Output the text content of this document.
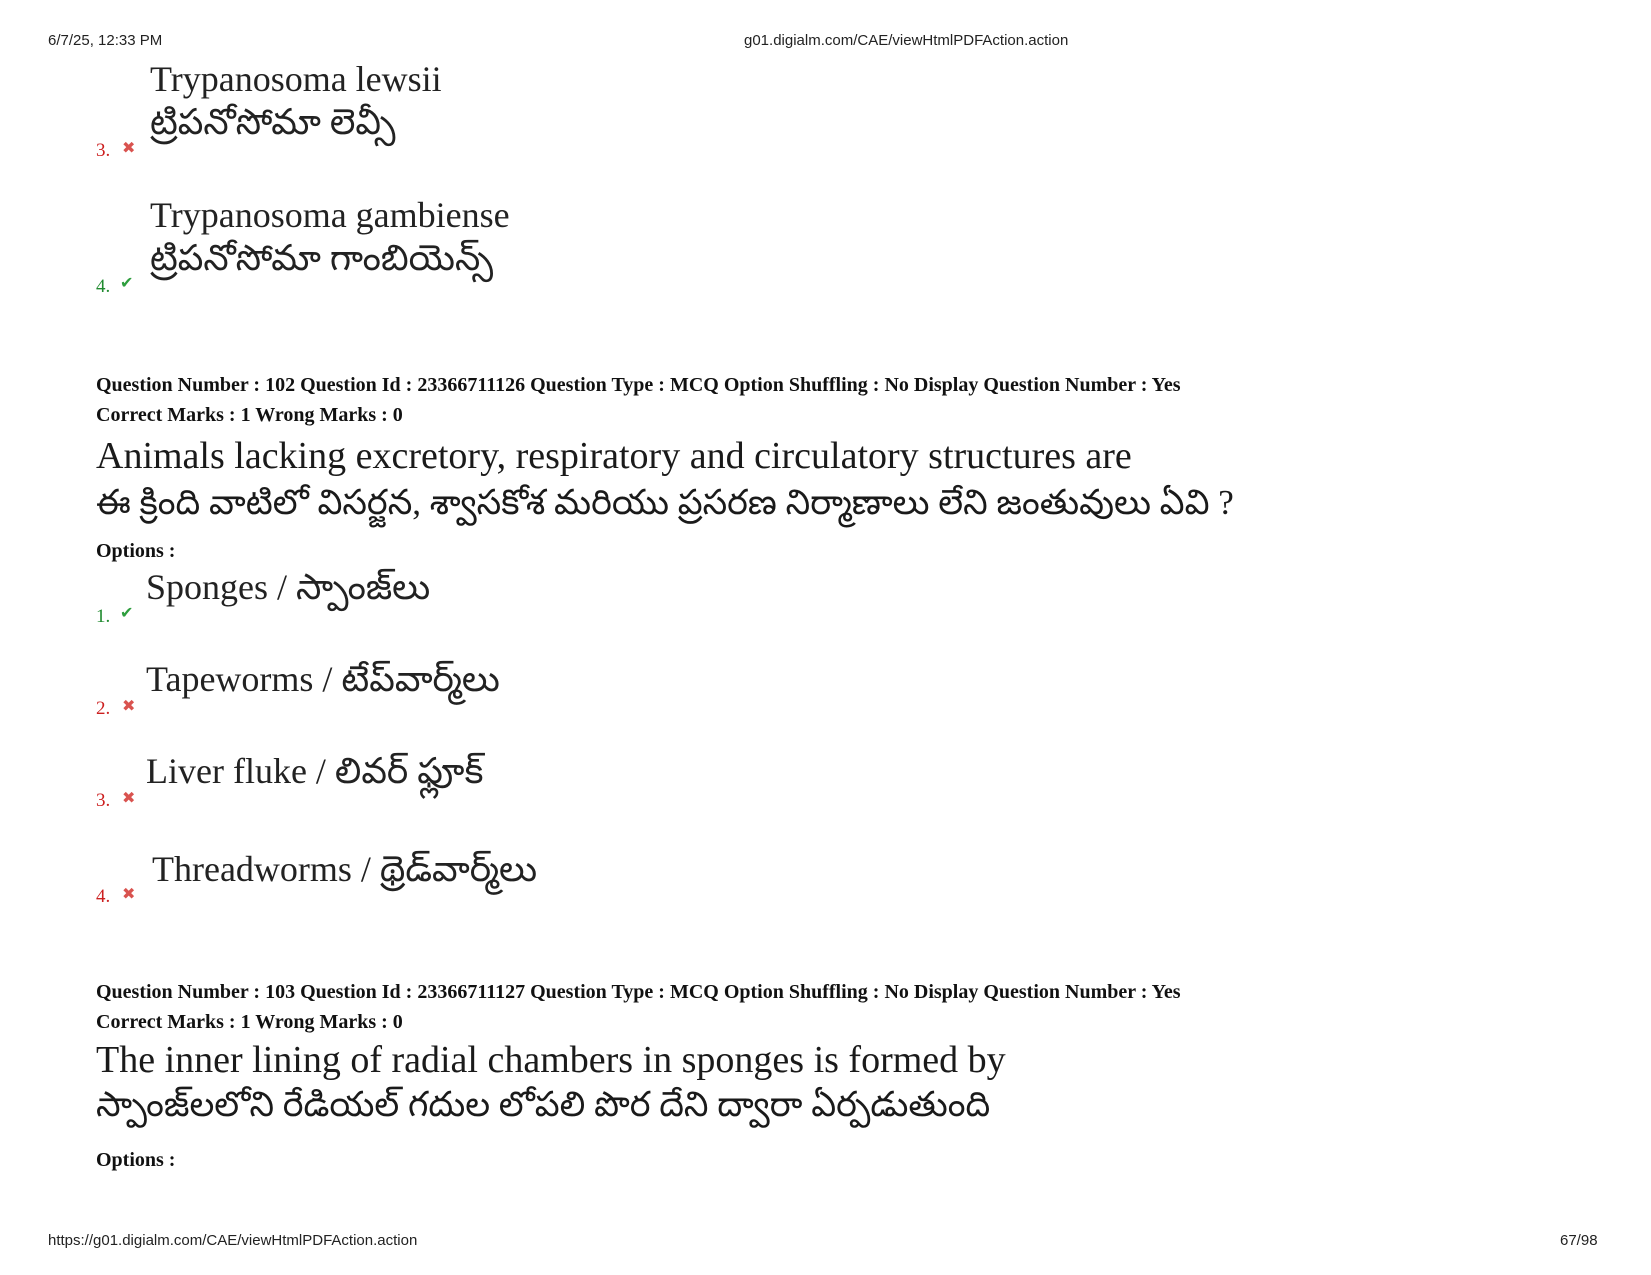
6/7/25, 12:33 PM	g01.digialm.com/CAE/viewHtmlPDFAction.action
3. ✖
Trypanosoma lewsii
ట్రిపనోసోమా లెవ్సీ
4. ✔
Trypanosoma gambiense
ట్రిపనోసోమా గాంబియెన్స్
Question Number : 102 Question Id : 23366711126 Question Type : MCQ Option Shuffling : No Display Question Number : Yes
Correct Marks : 1 Wrong Marks : 0
Animals lacking excretory, respiratory and circulatory structures are
ఈ క్రింది వాటిలో విసర్జన, శ్వాసకోశ మరియు ప్రసరణ నిర్మాణాలు లేని జంతువులు ఏవి ?
Options :
1. ✔
Sponges / స్పాంజ్‌లు
2. ✖
Tapeworms / టేప్‌వార్మ్‌లు
3. ✖
Liver fluke / లివర్ ఫ్లూక్
4. ✖
Threadworms / థ్రెడ్‌వార్మ్‌లు
Question Number : 103 Question Id : 23366711127 Question Type : MCQ Option Shuffling : No Display Question Number : Yes
Correct Marks : 1 Wrong Marks : 0
The inner lining of radial chambers in sponges is formed by
స్పాంజ్‌లలోని రేడియల్ గదుల లోపలి పొర దేని ద్వారా ఏర్పడుతుంది
Options :
https://g01.digialm.com/CAE/viewHtmlPDFAction.action	67/98
